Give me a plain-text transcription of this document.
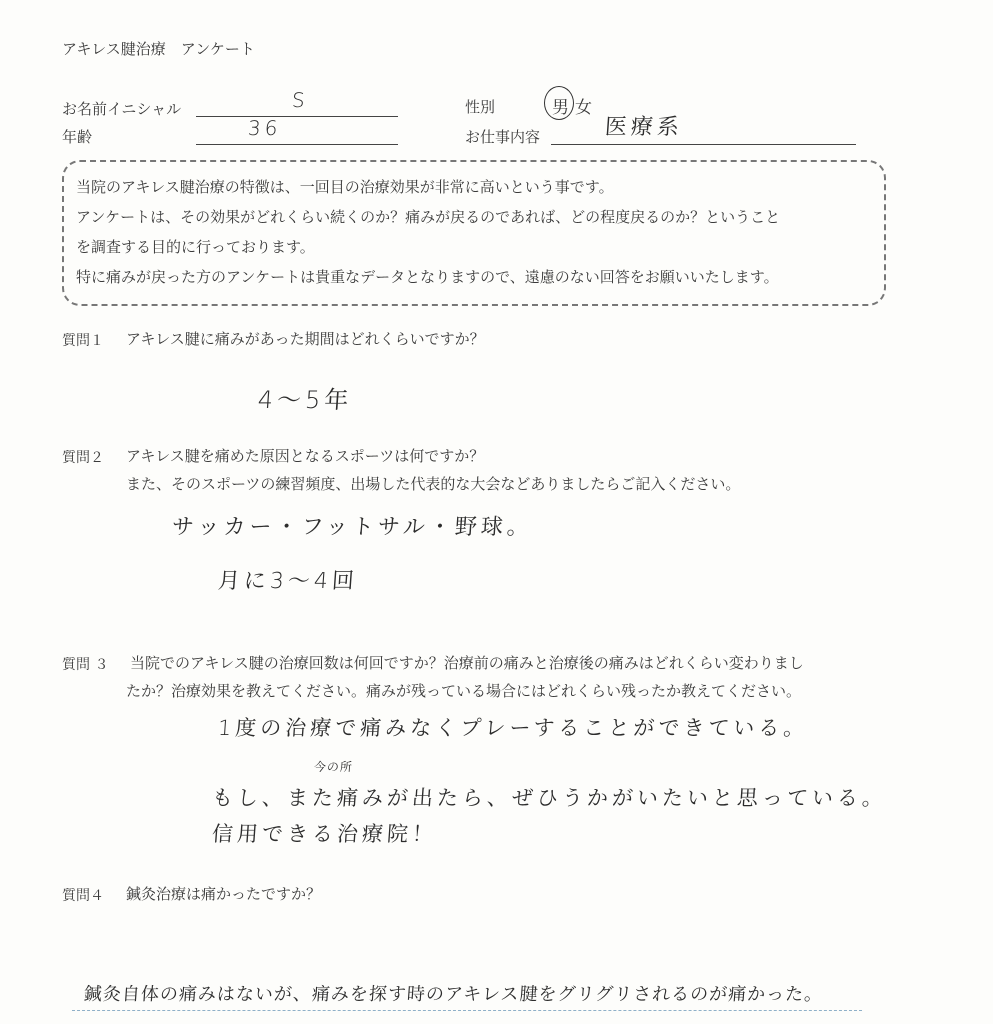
アキレス腱治療　アンケート
お名前イニシャル	S
年齢	36
性別	男 女
お仕事内容	医療系
当院のアキレス腱治療の特徴は、一回目の治療効果が非常に高いという事です。
アンケートは、その効果がどれくらい続くのか？痛みが戻るのであれば、どの程度戻るのか？ということ
を調査する目的に行っております。
特に痛みが戻った方のアンケートは貴重なデータとなりますので、遠慮のない回答をお願いいたします。
質問１ アキレス腱に痛みがあった期間はどれくらいですか？
4〜5年
質問２ アキレス腱を痛めた原因となるスポーツは何ですか？
また、そのスポーツの練習頻度、出場した代表的な大会などありましたらご記入ください。
サッカー・フットサル・野球。
月に3〜4回
質問 ３ 当院でのアキレス腱の治療回数は何回ですか？治療前の痛みと治療後の痛みはどれくらい変わりまし
たか？治療効果を教えてください。痛みが残っている場合にはどれくらい残ったか教えてください。
1度の治療で痛みなくプレーすることができている。
今の所
もし、また痛みが出たら、ぜひうかがいたいと思っている。
信用できる治療院！
質問４ 鍼灸治療は痛かったですか？
鍼灸自体の痛みはないが、痛みを探す時のアキレス腱をグリグリされるのが痛かった。
